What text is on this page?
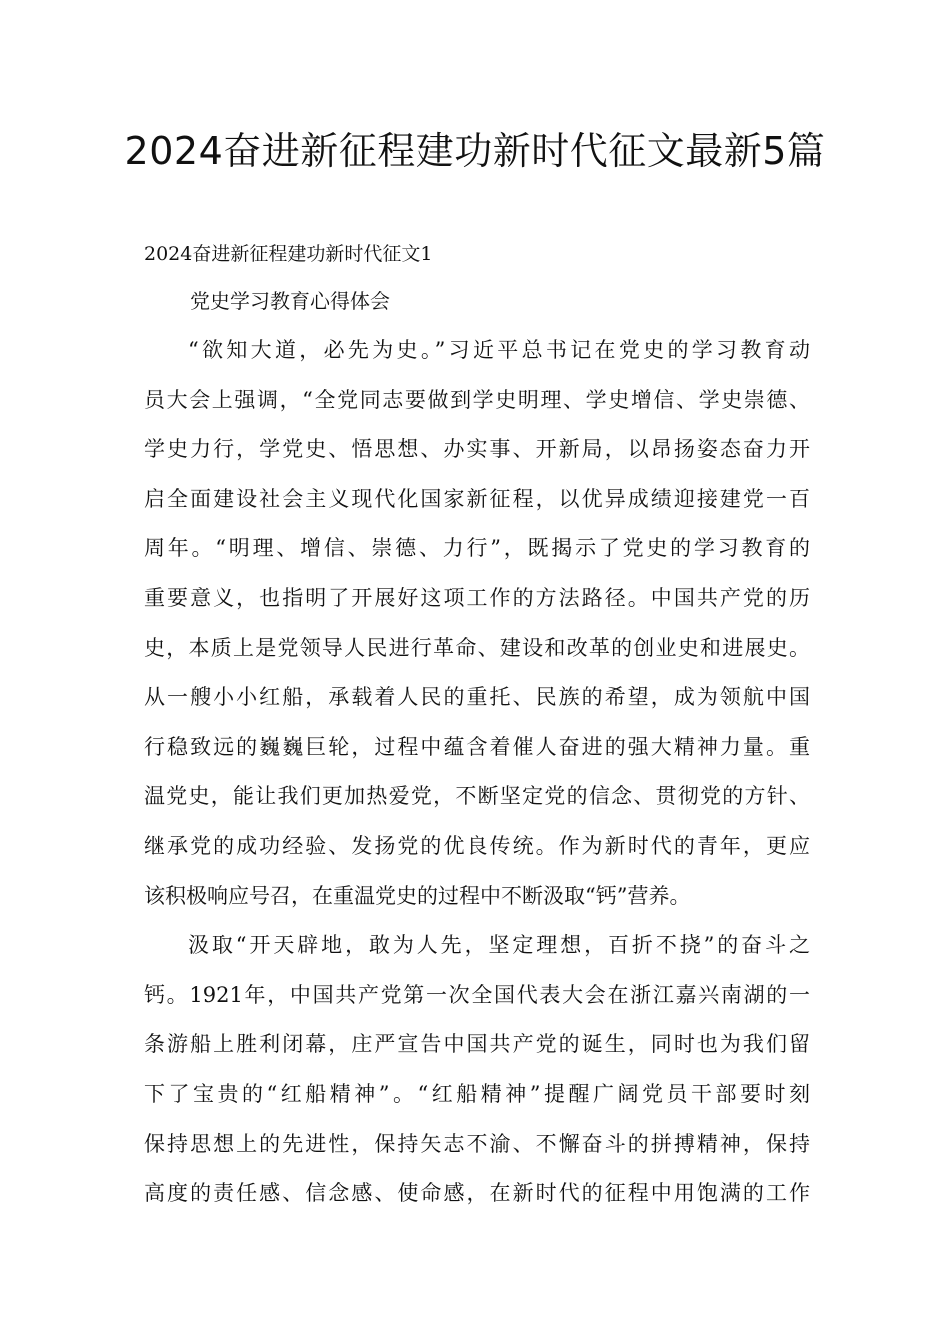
2024奋进新征程建功新时代征文最新5篇

2024奋进新征程建功新时代征文1

党史学习教育心得体会

“欲知大道，必先为史。”习近平总书记在党史的学习教育动
员大会上强调，“全党同志要做到学史明理、学史增信、学史崇德、
学史力行，学党史、悟思想、办实事、开新局，以昂扬姿态奋力开
启全面建设社会主义现代化国家新征程，以优异成绩迎接建党一百
周年。“明理、增信、崇德、力行”，既揭示了党史的学习教育的
重要意义，也指明了开展好这项工作的方法路径。中国共产党的历
史，本质上是党领导人民进行革命、建设和改革的创业史和进展史。
从一艘小小红船，承载着人民的重托、民族的希望，成为领航中国
行稳致远的巍巍巨轮，过程中蕴含着催人奋进的强大精神力量。重
温党史，能让我们更加热爱党，不断坚定党的信念、贯彻党的方针、
继承党的成功经验、发扬党的优良传统。作为新时代的青年，更应
该积极响应号召，在重温党史的过程中不断汲取“钙”营养。
汲取“开天辟地，敢为人先，坚定理想，百折不挠”的奋斗之
钙。1921年，中国共产党第一次全国代表大会在浙江嘉兴南湖的一
条游船上胜利闭幕，庄严宣告中国共产党的诞生，同时也为我们留
下了宝贵的“红船精神”。“红船精神”提醒广阔党员干部要时刻
保持思想上的先进性，保持矢志不渝、不懈奋斗的拼搏精神，保持
高度的责任感、信念感、使命感，在新时代的征程中用饱满的工作
